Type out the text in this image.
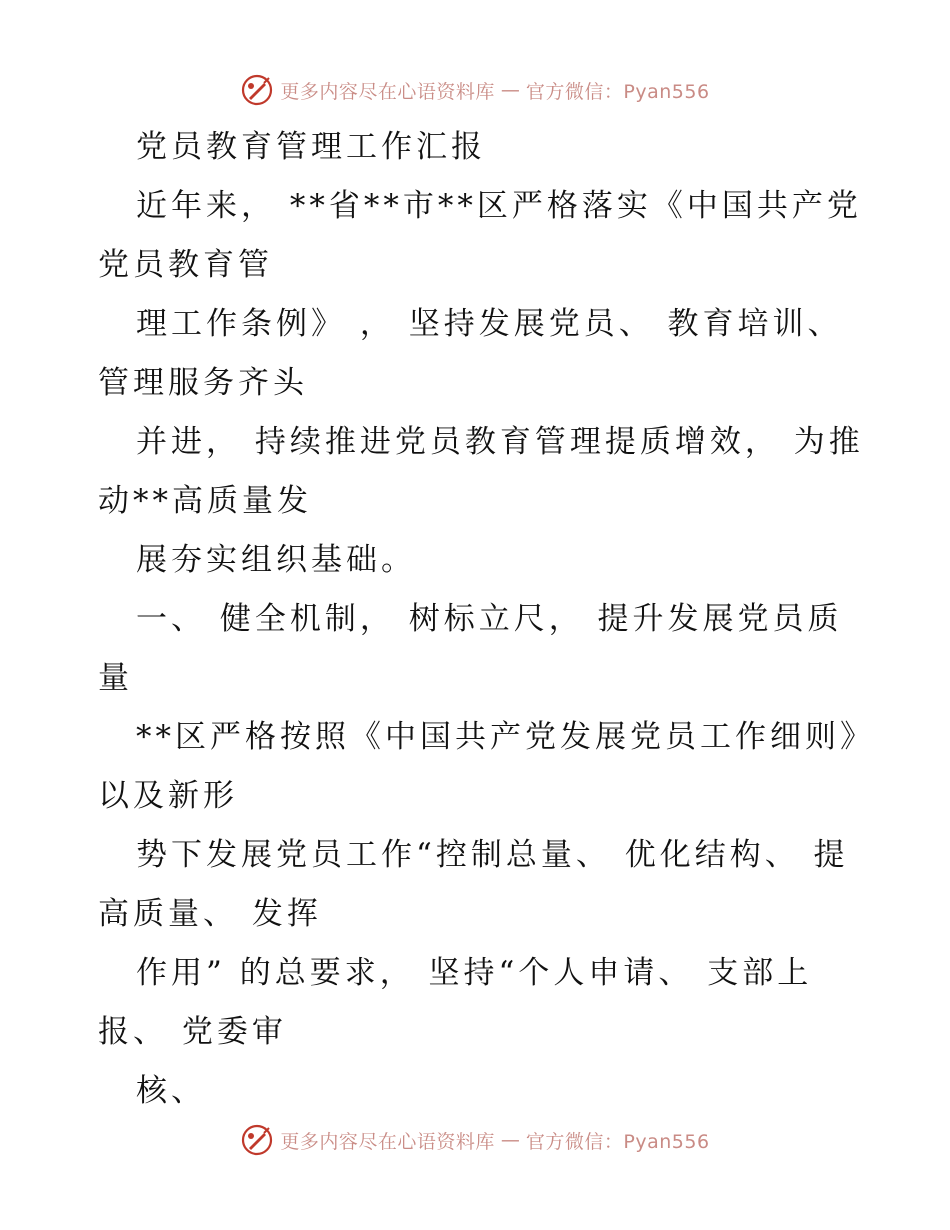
更多内容尽在心语资料库 — 官方微信：Pyan556
党员教育管理工作汇报
近年来， **省**市**区严格落实《中国共产党
党员教育管
理工作条例》 ， 坚持发展党员、 教育培训、
管理服务齐头
并进， 持续推进党员教育管理提质增效， 为推
动**高质量发
展夯实组织基础。
一、 健全机制， 树标立尺， 提升发展党员质
量
**区严格按照《中国共产党发展党员工作细则》
以及新形
势下发展党员工作“控制总量、 优化结构、 提
高质量、 发挥
作用” 的总要求， 坚持“个人申请、 支部上
报、 党委审
核、
更多内容尽在心语资料库 — 官方微信：Pyan556
